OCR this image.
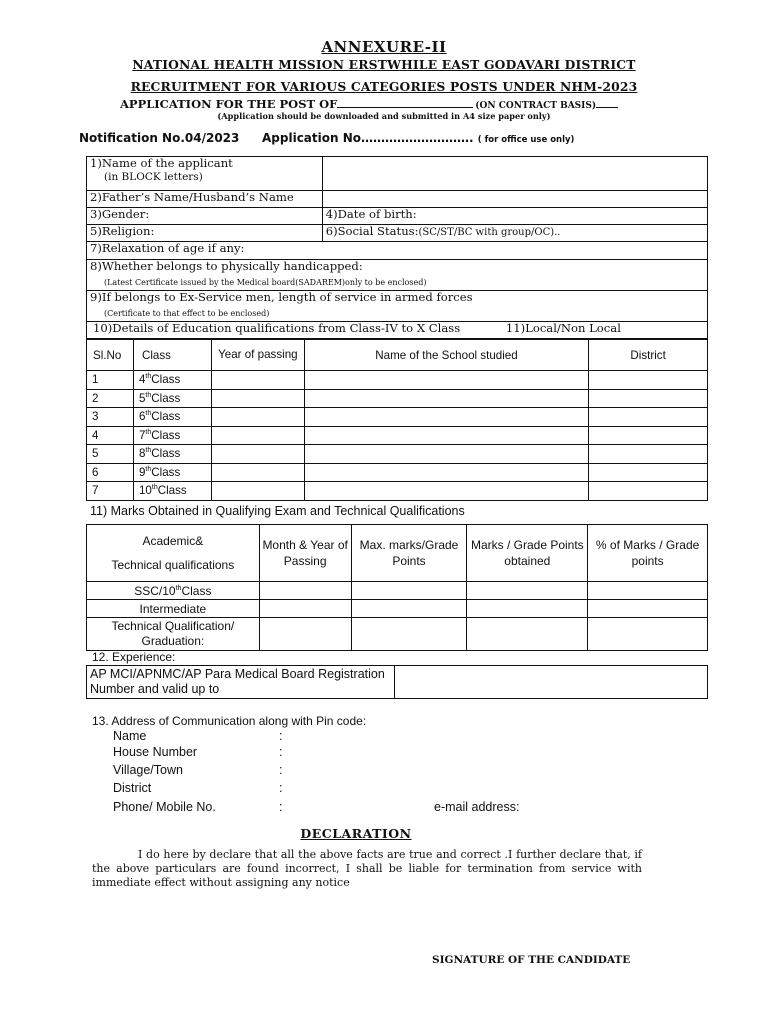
ANNEXURE-II
NATIONAL HEALTH MISSION ERSTWHILE EAST GODAVARI DISTRICT
RECRUITMENT FOR VARIOUS CATEGORIES POSTS UNDER NHM-2023
APPLICATION FOR THE POST OF	(ON CONTRACT BASIS)
(Application should be downloaded and submitted in A4 size paper only)
Notification No.04/2023 Application No………………………. ( for office use only)
1)Name of the applicant
(in BLOCK letters)	

2)Father’s Name/Husband’s Name	
3)Gender:	4)Date of birth:
5)Religion:	6)Social Status:(SC/ST/BC with group/OC)..
7)Relaxation of age if any:	
8)Whether belongs to physically handicapped:
(Latest Certificate issued by the Medical board(SADAREM)only to be enclosed)	

9)If belongs to Ex-Service men, length of service in armed forces
(Certificate to that effect to be enclosed)	

10)Details of Education qualifications from Class-IV to X Class 11)Local/Non Local	
Sl.No	Class	Year of passing	Name of the School studied	District
1	4thClass			
2	5thClass			
3	6thClass			
4	7thClass			
5	8thClass			
6	9thClass			
7	10thClass			
11) Marks Obtained in Qualifying Exam and Technical Qualifications
Academic&
Technical qualifications	Month & Year of Passing	Max. marks/Grade Points	Marks / Grade Points obtained	% of Marks / Grade points
SSC/10thClass				
Intermediate				
Technical Qualification/ Graduation:				
12. Experience:
AP MCI/APNMC/AP Para Medical Board Registration Number and valid up to	
13. Address of Communication along with Pin code:
Name	:
House Number	:
Village/Town	:
District	:
Phone/ Mobile No.	:	e-mail address:
DECLARATION
I do here by declare that all the above facts are true and correct .I further declare that, if the above particulars are found incorrect, I shall be liable for termination from service with immediate effect without assigning any notice
SIGNATURE OF THE CANDIDATE
